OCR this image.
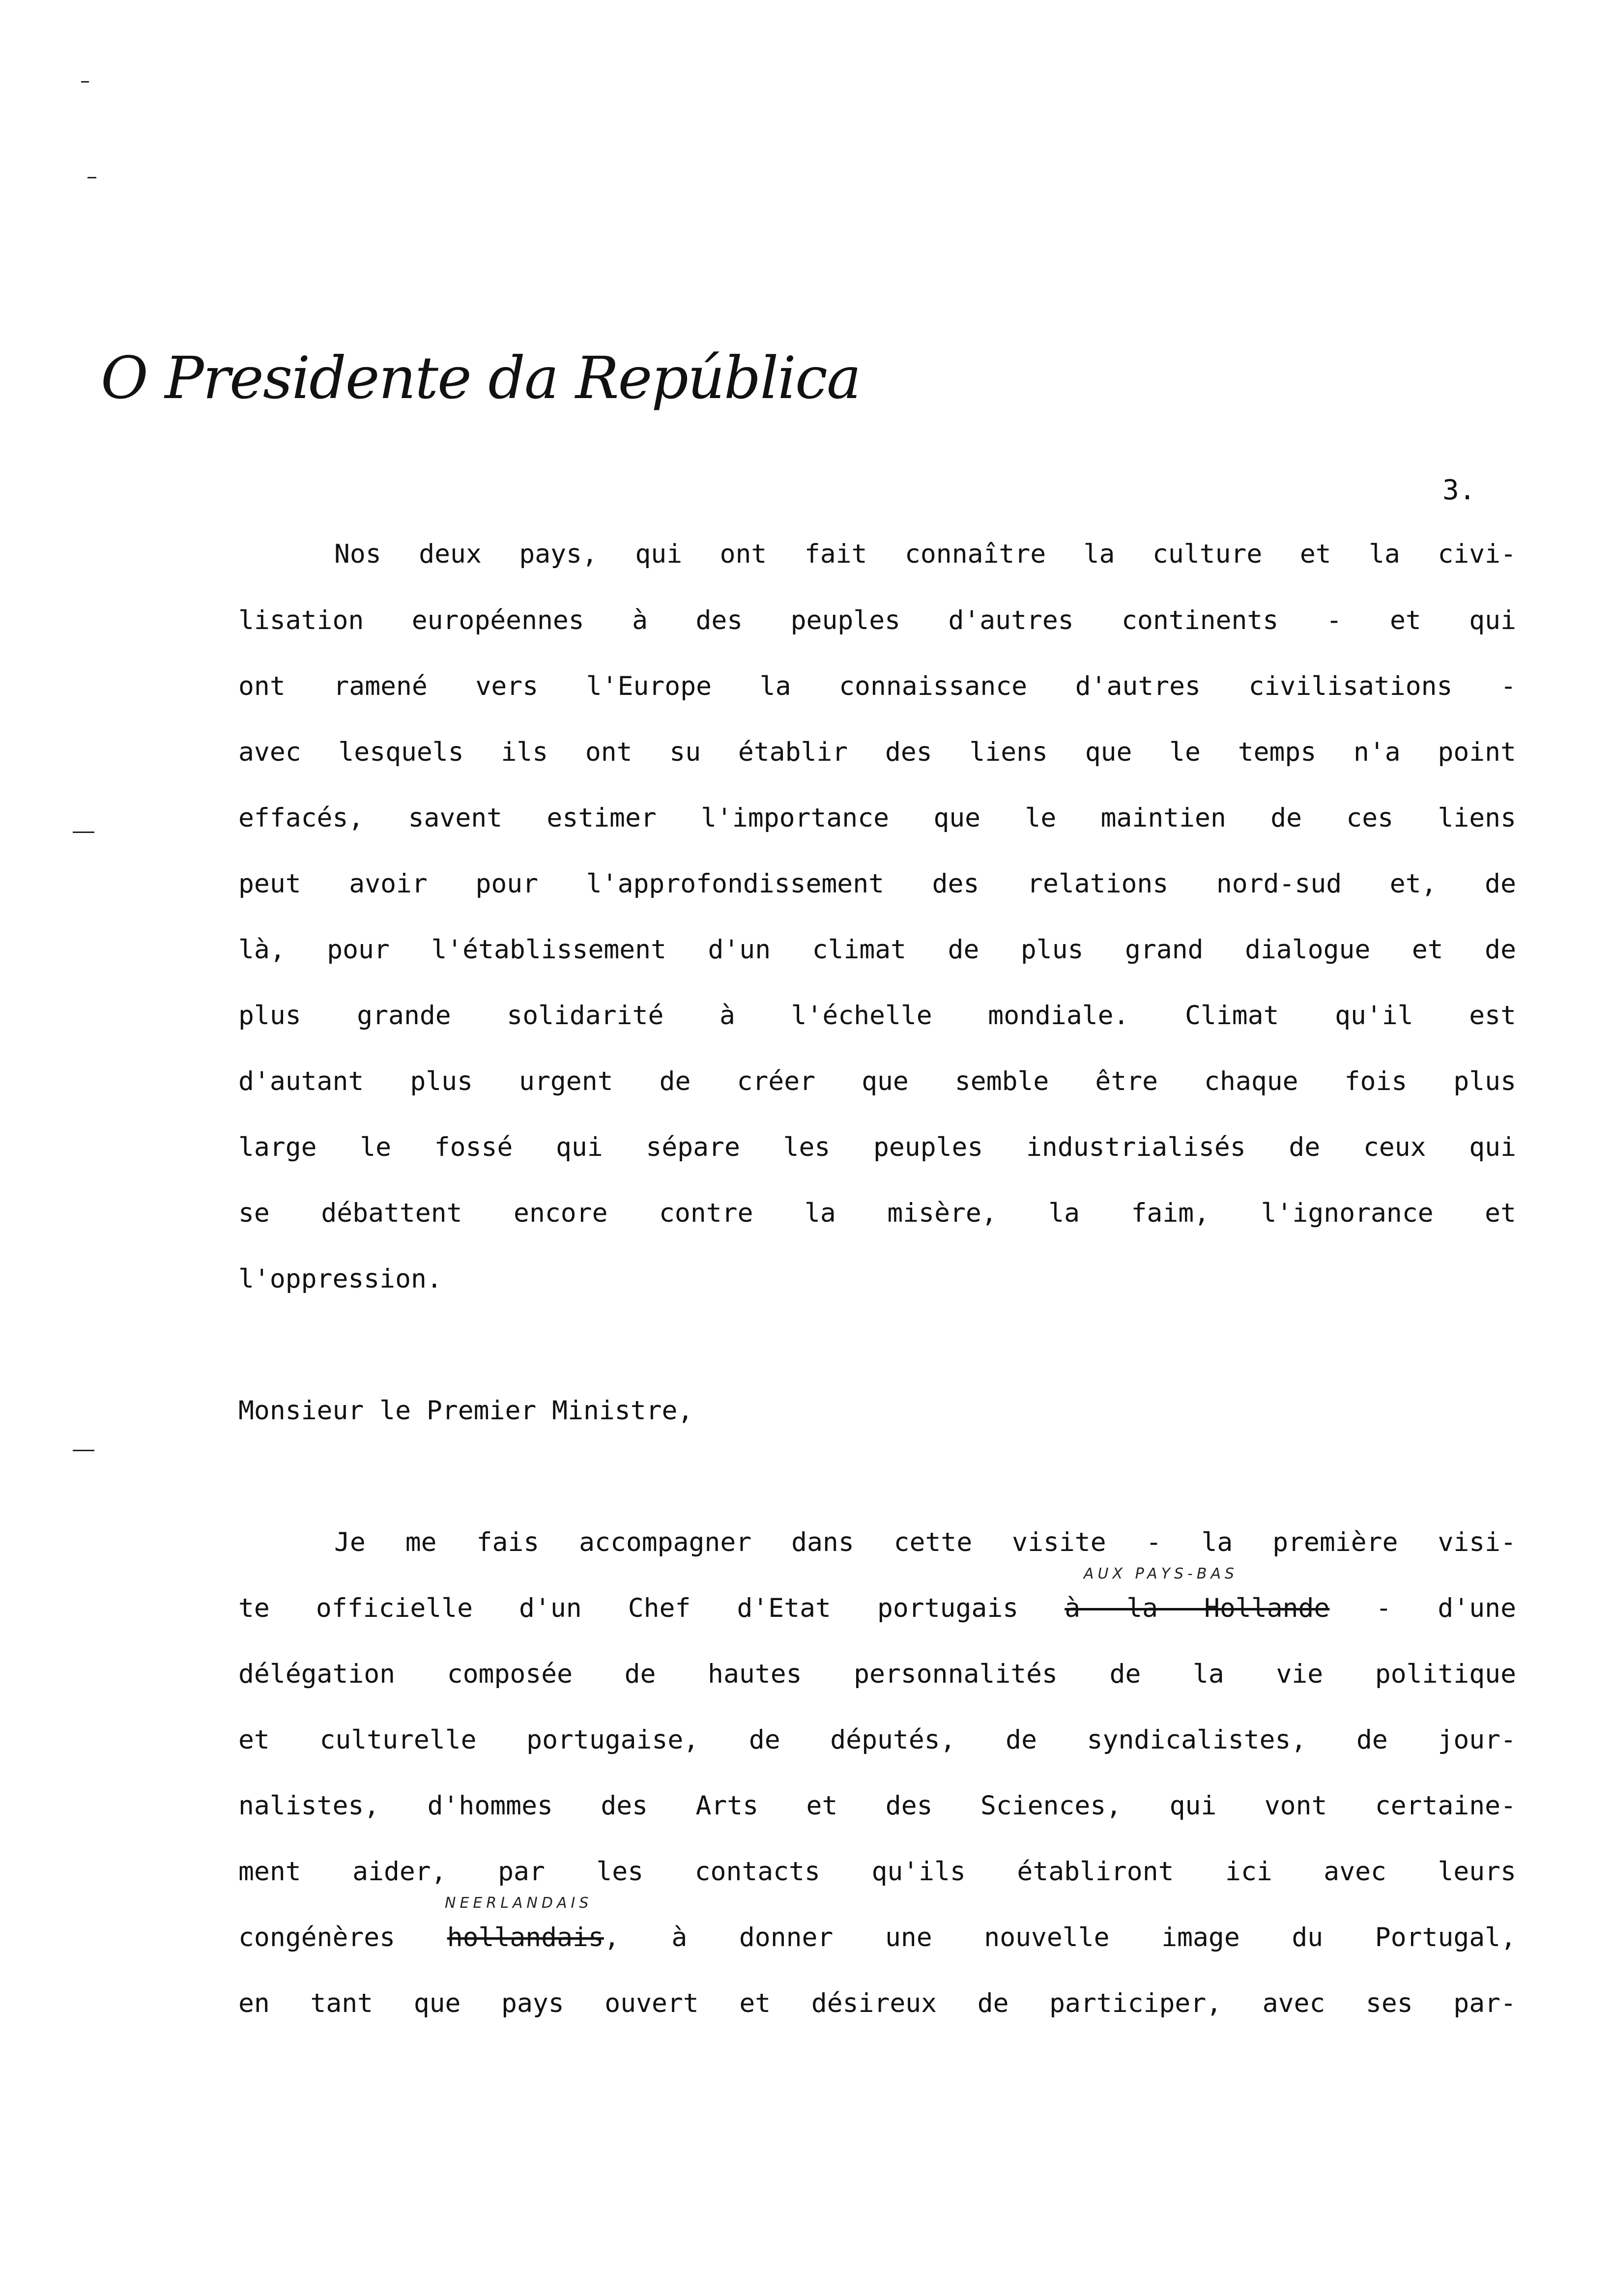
O Presidente da República
3.
Nos deux pays, qui ont fait connaître la culture et la civi-
lisation européennes à des peuples d'autres continents - et qui
ont ramené vers l'Europe la connaissance d'autres civilisations -
avec lesquels ils ont su établir des liens que le temps n'a point
effacés, savent estimer l'importance que le maintien de ces liens
peut avoir pour l'approfondissement des relations nord-sud et, de
là, pour l'établissement d'un climat de plus grand dialogue et de
plus grande solidarité à l'échelle mondiale. Climat qu'il est
d'autant plus urgent de créer que semble être chaque fois plus
large le fossé qui sépare les peuples industrialisés de ceux qui
se débattent encore contre la misère, la faim, l'ignorance et
l'oppression.
Monsieur le Premier Ministre,
Je me fais accompagner dans cette visite - la première visi-
AUX PAYS-BAS
te officielle d'un Chef d'Etat portugais à la Hollande - d'une
délégation composée de hautes personnalités de la vie politique
et culturelle portugaise, de députés, de syndicalistes, de jour-
nalistes, d'hommes des Arts et des Sciences, qui vont certaine-
ment aider, par les contacts qu'ils établiront ici avec leurs
NEERLANDAIS
congénères hollandais, à donner une nouvelle image du Portugal,
en tant que pays ouvert et désireux de participer, avec ses par-
